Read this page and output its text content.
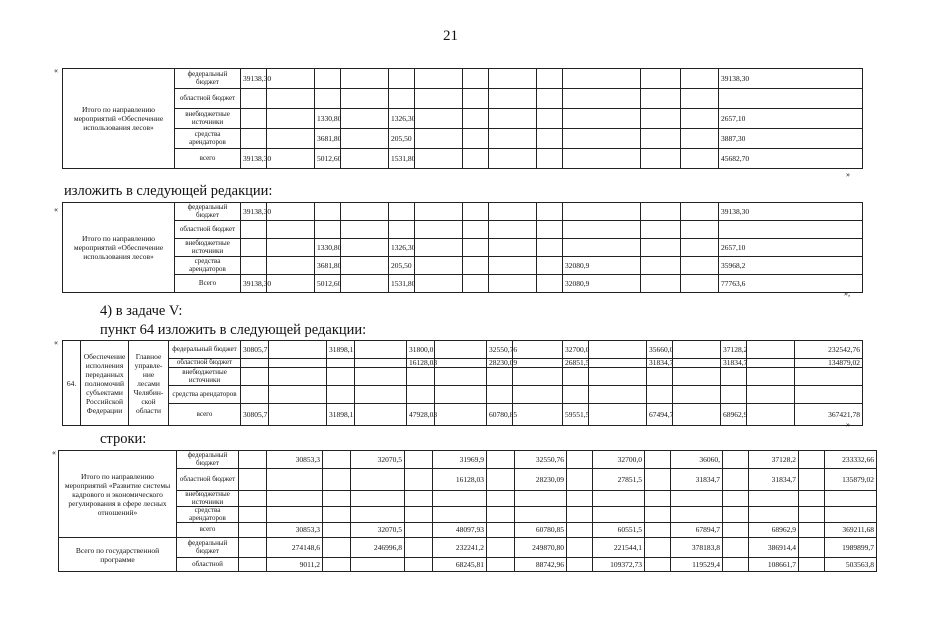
21
«
Итого по направлению мероприятий «Обеспечение использования лесов»	федеральный бюджет	39138,30												39138,30
	областной бюджет													
	внебюджетные источники			1330,80		1326,30								2657,10
	средства арендаторов			3681,80		205,50								3887,30
	всего	39138,30		5012,60		1531,80								45682,70
»
изложить в следующей редакции:
«
Итого по направлению мероприятий «Обеспечение использования лесов»	федеральный бюджет	39138,30												39138,30
	областной бюджет													
	внебюджетные источники			1330,80		1326,30								2657,10
	средства арендаторов			3681,80		205,50					32080,9			35968,2
	Всего	39138,30		5012,60		1531,80					32080,9			77763,6
»;
4) в задаче V:
пункт 64 изложить в следующей редакции:
«
64.	Обеспечение исполнения переданных полномочий субъектами Российской Федерации	Главное управле- ние лесами Челябин- ской области	федеральный бюджет	30805,7		31898,1		31800,0		32550,76		32700,0		35660,0		37128,2		232542,76
			областной бюджет					16128,03		28230,09		26851,5		31834,7		31834,7		134879,02
			внебюджетные источники															
			средства арендаторов															
			всего	30805,7		31898,1		47928,03		60780,85		59551,5		67494,7		68962,9		367421,78
»
строки:
«
Итого по направлению мероприятий «Развитие системы кадрового и экономического регулирования в сфере лесных отношений»	федеральный бюджет		30853,3		32070,5		31969,9		32550,76		32700,0		36060,		37128,2		233332,66
	областной бюджет						16128,03		28230,09		27851,5		31834,7		31834,7		135879,02
	внебюджетные источники																
	средства арендаторов																
	всего		30853,3		32070,5		48097,93		60780,85		60551,5		67894,7		68962,9		369211,68
Всего по государственной программе	федеральный бюджет		274148,6		246996,8		232241,2		249870,80		221544,1		378183,8		386914,4		1989899,7
	областной		9011,2				68245,81		88742,96		109372,73		119529,4		108661,7		503563,8
